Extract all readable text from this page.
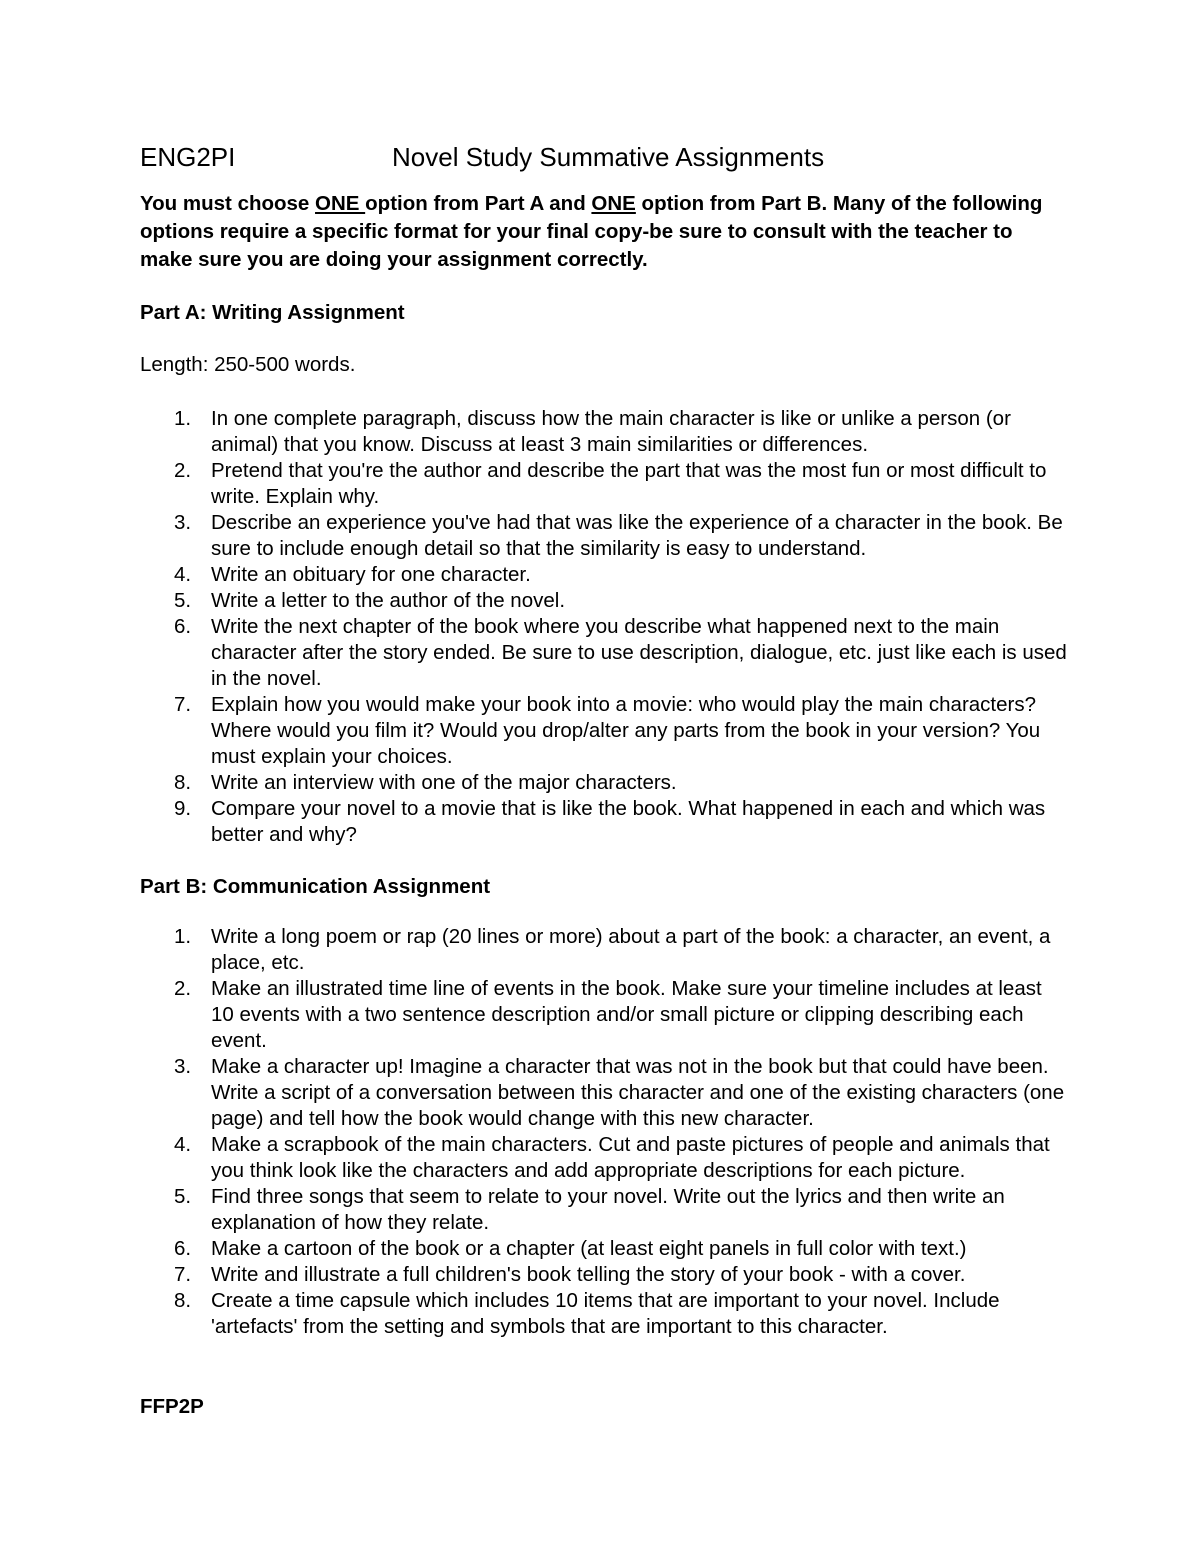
ENG2PI	Novel Study Summative Assignments
You must choose ONE option from Part A and ONE option from Part B. Many of the following options require a specific format for your final copy-be sure to consult with the teacher to make sure you are doing your assignment correctly.
Part A: Writing Assignment
Length: 250-500 words.
1. In one complete paragraph, discuss how the main character is like or unlike a person (or animal) that you know. Discuss at least 3 main similarities or differences.
2. Pretend that you're the author and describe the part that was the most fun or most difficult to write. Explain why.
3. Describe an experience you've had that was like the experience of a character in the book. Be sure to include enough detail so that the similarity is easy to understand.
4. Write an obituary for one character.
5. Write a letter to the author of the novel.
6. Write the next chapter of the book where you describe what happened next to the main character after the story ended. Be sure to use description, dialogue, etc. just like each is used in the novel.
7. Explain how you would make your book into a movie: who would play the main characters? Where would you film it? Would you drop/alter any parts from the book in your version? You must explain your choices.
8. Write an interview with one of the major characters.
9. Compare your novel to a movie that is like the book. What happened in each and which was better and why?
Part B: Communication Assignment
1. Write a long poem or rap (20 lines or more) about a part of the book: a character, an event, a place, etc.
2. Make an illustrated time line of events in the book. Make sure your timeline includes at least 10 events with a two sentence description and/or small picture or clipping describing each event.
3. Make a character up! Imagine a character that was not in the book but that could have been. Write a script of a conversation between this character and one of the existing characters (one page) and tell how the book would change with this new character.
4. Make a scrapbook of the main characters. Cut and paste pictures of people and animals that you think look like the characters and add appropriate descriptions for each picture.
5. Find three songs that seem to relate to your novel. Write out the lyrics and then write an explanation of how they relate.
6. Make a cartoon of the book or a chapter (at least eight panels in full color with text.)
7. Write and illustrate a full children's book telling the story of your book - with a cover.
8. Create a time capsule which includes 10 items that are important to your novel. Include 'artefacts' from the setting and symbols that are important to this character.
FFP2P
